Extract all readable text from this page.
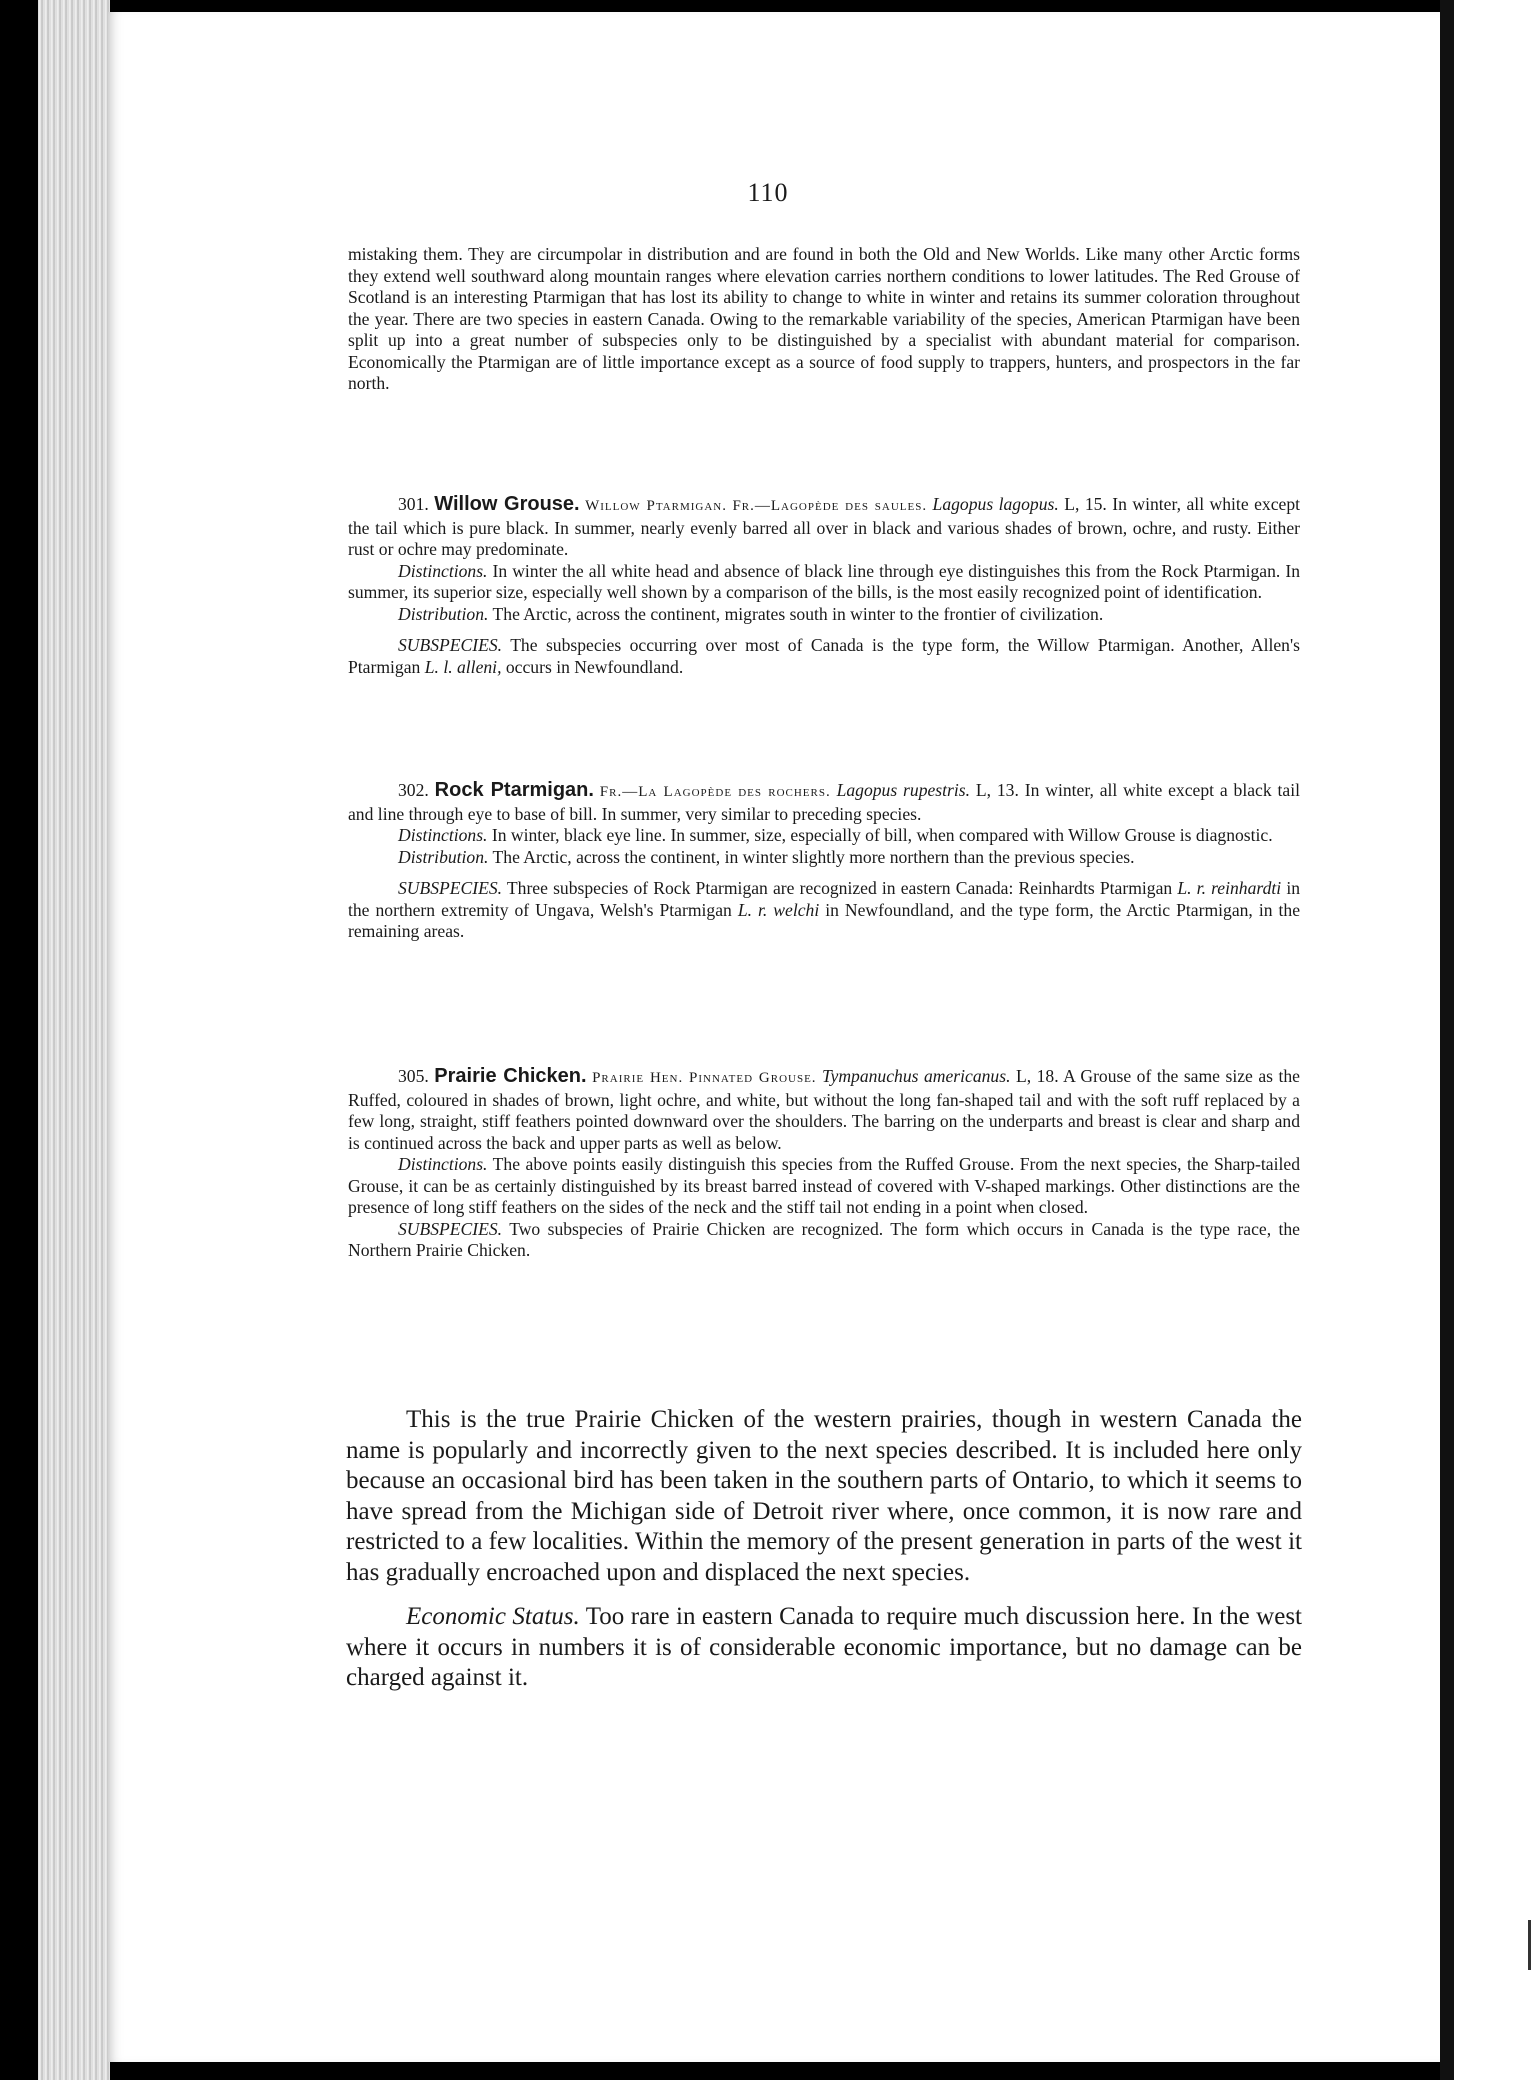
110

mistaking them. They are circumpolar in distribution and are found in both the Old and New Worlds. Like many other Arctic forms they extend well southward along mountain ranges where elevation carries northern conditions to lower latitudes. The Red Grouse of Scotland is an interesting Ptarmigan that has lost its ability to change to white in winter and retains its summer coloration throughout the year. There are two species in eastern Canada. Owing to the remarkable variability of the species, American Ptarmigan have been split up into a great number of subspecies only to be distinguished by a specialist with abundant material for comparison. Economically the Ptarmigan are of little importance except as a source of food supply to trappers, hunters, and prospectors in the far north.

301. Willow Grouse. Willow Ptarmigan. Fr.—Lagopède des saules. Lagopus lagopus. L, 15. In winter, all white except the tail which is pure black. In summer, nearly evenly barred all over in black and various shades of brown, ochre, and rusty. Either rust or ochre may predominate.

Distinctions. In winter the all white head and absence of black line through eye distinguishes this from the Rock Ptarmigan. In summer, its superior size, especially well shown by a comparison of the bills, is the most easily recognized point of identification.

Distribution. The Arctic, across the continent, migrates south in winter to the frontier of civilization.

SUBSPECIES. The subspecies occurring over most of Canada is the type form, the Willow Ptarmigan. Another, Allen's Ptarmigan L. l. alleni, occurs in Newfoundland.

302. Rock Ptarmigan. Fr.—La Lagopède des rochers. Lagopus rupestris. L, 13. In winter, all white except a black tail and line through eye to base of bill. In summer, very similar to preceding species.

Distinctions. In winter, black eye line. In summer, size, especially of bill, when compared with Willow Grouse is diagnostic.

Distribution. The Arctic, across the continent, in winter slightly more northern than the previous species.

SUBSPECIES. Three subspecies of Rock Ptarmigan are recognized in eastern Canada: Reinhardts Ptarmigan L. r. reinhardti in the northern extremity of Ungava, Welsh's Ptarmigan L. r. welchi in Newfoundland, and the type form, the Arctic Ptarmigan, in the remaining areas.

305. Prairie Chicken. Prairie Hen. Pinnated Grouse. Tympanuchus americanus. L, 18. A Grouse of the same size as the Ruffed, coloured in shades of brown, light ochre, and white, but without the long fan-shaped tail and with the soft ruff replaced by a few long, straight, stiff feathers pointed downward over the shoulders. The barring on the underparts and breast is clear and sharp and is continued across the back and upper parts as well as below.

Distinctions. The above points easily distinguish this species from the Ruffed Grouse. From the next species, the Sharp-tailed Grouse, it can be as certainly distinguished by its breast barred instead of covered with V-shaped markings. Other distinctions are the presence of long stiff feathers on the sides of the neck and the stiff tail not ending in a point when closed.

SUBSPECIES. Two subspecies of Prairie Chicken are recognized. The form which occurs in Canada is the type race, the Northern Prairie Chicken.

This is the true Prairie Chicken of the western prairies, though in western Canada the name is popularly and incorrectly given to the next species described. It is included here only because an occasional bird has been taken in the southern parts of Ontario, to which it seems to have spread from the Michigan side of Detroit river where, once common, it is now rare and restricted to a few localities. Within the memory of the present generation in parts of the west it has gradually encroached upon and displaced the next species.

Economic Status. Too rare in eastern Canada to require much discussion here. In the west where it occurs in numbers it is of considerable economic importance, but no damage can be charged against it.
